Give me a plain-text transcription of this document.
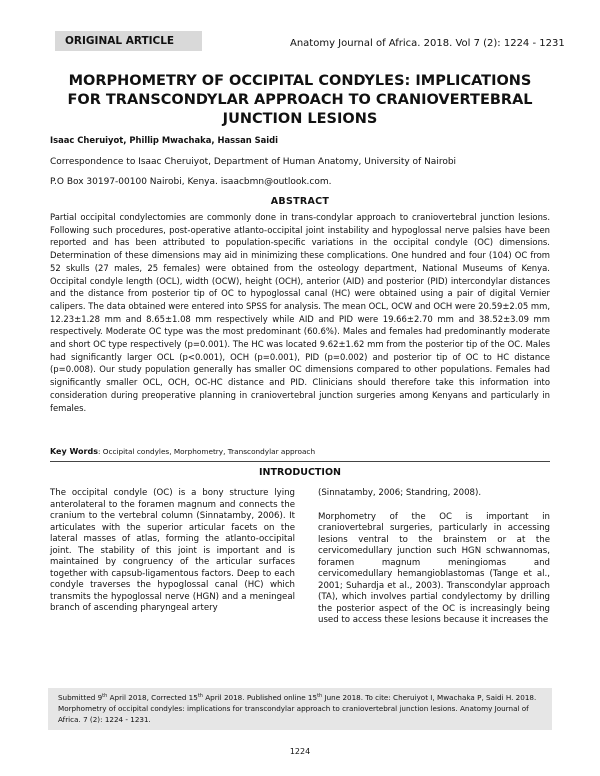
ORIGINAL ARTICLE	Anatomy Journal of Africa. 2018. Vol 7 (2): 1224 - 1231
MORPHOMETRY OF OCCIPITAL CONDYLES: IMPLICATIONS
FOR TRANSCONDYLAR APPROACH TO CRANIOVERTEBRAL
JUNCTION LESIONS
Isaac Cheruiyot, Phillip Mwachaka, Hassan Saidi
Correspondence to Isaac Cheruiyot, Department of Human Anatomy, University of Nairobi
P.O Box 30197-00100 Nairobi, Kenya. isaacbmn@outlook.com.
ABSTRACT

Partial occipital condylectomies are commonly done in trans-condylar approach to craniovertebral junction lesions. Following such procedures, post-operative atlanto-occipital joint instability and hypoglossal nerve palsies have been reported and has been attributed to population-specific variations in the occipital condyle (OC) dimensions. Determination of these dimensions may aid in minimizing these complications. One hundred and four (104) OC from 52 skulls (27 males, 25 females) were obtained from the osteology department, National Museums of Kenya. Occipital condyle length (OCL), width (OCW), height (OCH), anterior (AID) and posterior (PID) intercondylar distances and the distance from posterior tip of OC to hypoglossal canal (HC) were obtained using a pair of digital Vernier calipers. The data obtained were entered into SPSS for analysis. The mean OCL, OCW and OCH were 20.59±2.05 mm, 12.23±1.28 mm and 8.65±1.08 mm respectively while AID and PID were 19.66±2.70 mm and 38.52±3.09 mm respectively. Moderate OC type was the most predominant (60.6%). Males and females had predominantly moderate and short OC type respectively (p=0.001). The HC was located 9.62±1.62 mm from the posterior tip of the OC. Males had significantly larger OCL (p<0.001), OCH (p=0.001), PID (p=0.002) and posterior tip of OC to HC distance (p=0.008). Our study population generally has smaller OC dimensions compared to other populations. Females had significantly smaller OCL, OCH, OC-HC distance and PID. Clinicians should therefore take this information into consideration during preoperative planning in craniovertebral junction surgeries among Kenyans and particularly in females.

Key Words: Occipital condyles, Morphometry, Transcondylar approach
INTRODUCTION

The occipital condyle (OC) is a bony structure lying anterolateral to the foramen magnum and connects the cranium to the vertebral column (Sinnatamby, 2006). It articulates with the superior articular facets on the lateral masses of atlas, forming the atlanto-occipital joint. The stability of this joint is important and is maintained by congruency of the articular surfaces together with capsub-ligamentous factors. Deep to each condyle traverses the hypoglossal canal (HC) which transmits the hypoglossal nerve (HGN) and a meningeal branch of ascending pharyngeal artery

(Sinnatamby, 2006; Standring, 2008).

Morphometry of the OC is important in craniovertebral surgeries, particularly in accessing lesions ventral to the brainstem or at the cervicomedullary junction such HGN schwannomas, foramen magnum meningiomas and cervicomedullary hemangioblastomas (Tange et al., 2001; Suhardja et al., 2003). Transcondylar approach (TA), which involves partial condylectomy by drilling the posterior aspect of the OC is increasingly being used to access these lesions because it increases the

Submitted 9th April 2018, Corrected 15th April 2018. Published online 15th June 2018. To cite: Cheruiyot I, Mwachaka P, Saidi H. 2018. Morphometry of occipital condyles: implications for transcondylar approach to craniovertebral junction lesions. Anatomy Journal of Africa. 7 (2): 1224 - 1231.
1224
